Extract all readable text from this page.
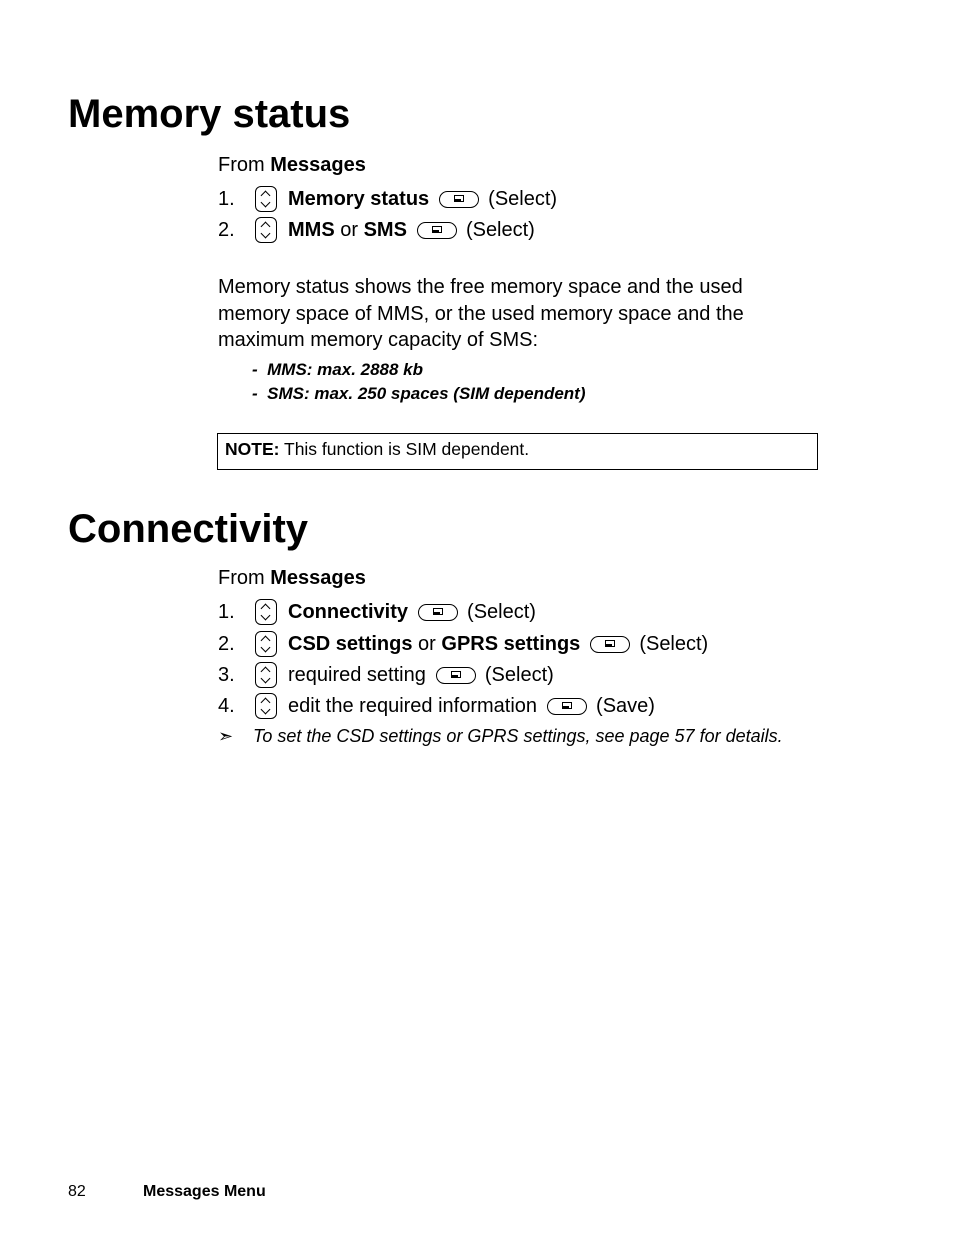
Memory status
From Messages
1.	Memory status	(Select)
2.	MMS
or
SMS	(Select)

Memory status shows the free memory space and the used memory space of MMS, or the used memory space and the maximum memory capacity of SMS:

- MMS: max. 2888 kb
- SMS: max. 250 spaces (SIM dependent)
NOTE: This function is SIM dependent.
Connectivity
From Messages
1.	Connectivity	(Select)
2.	CSD settings
or
GPRS settings	(Select)
3.	required setting	(Select)
4.	edit the required information	(Save)
➣ To set the CSD settings or GPRS settings, see page 57 for details.
82	Messages Menu
